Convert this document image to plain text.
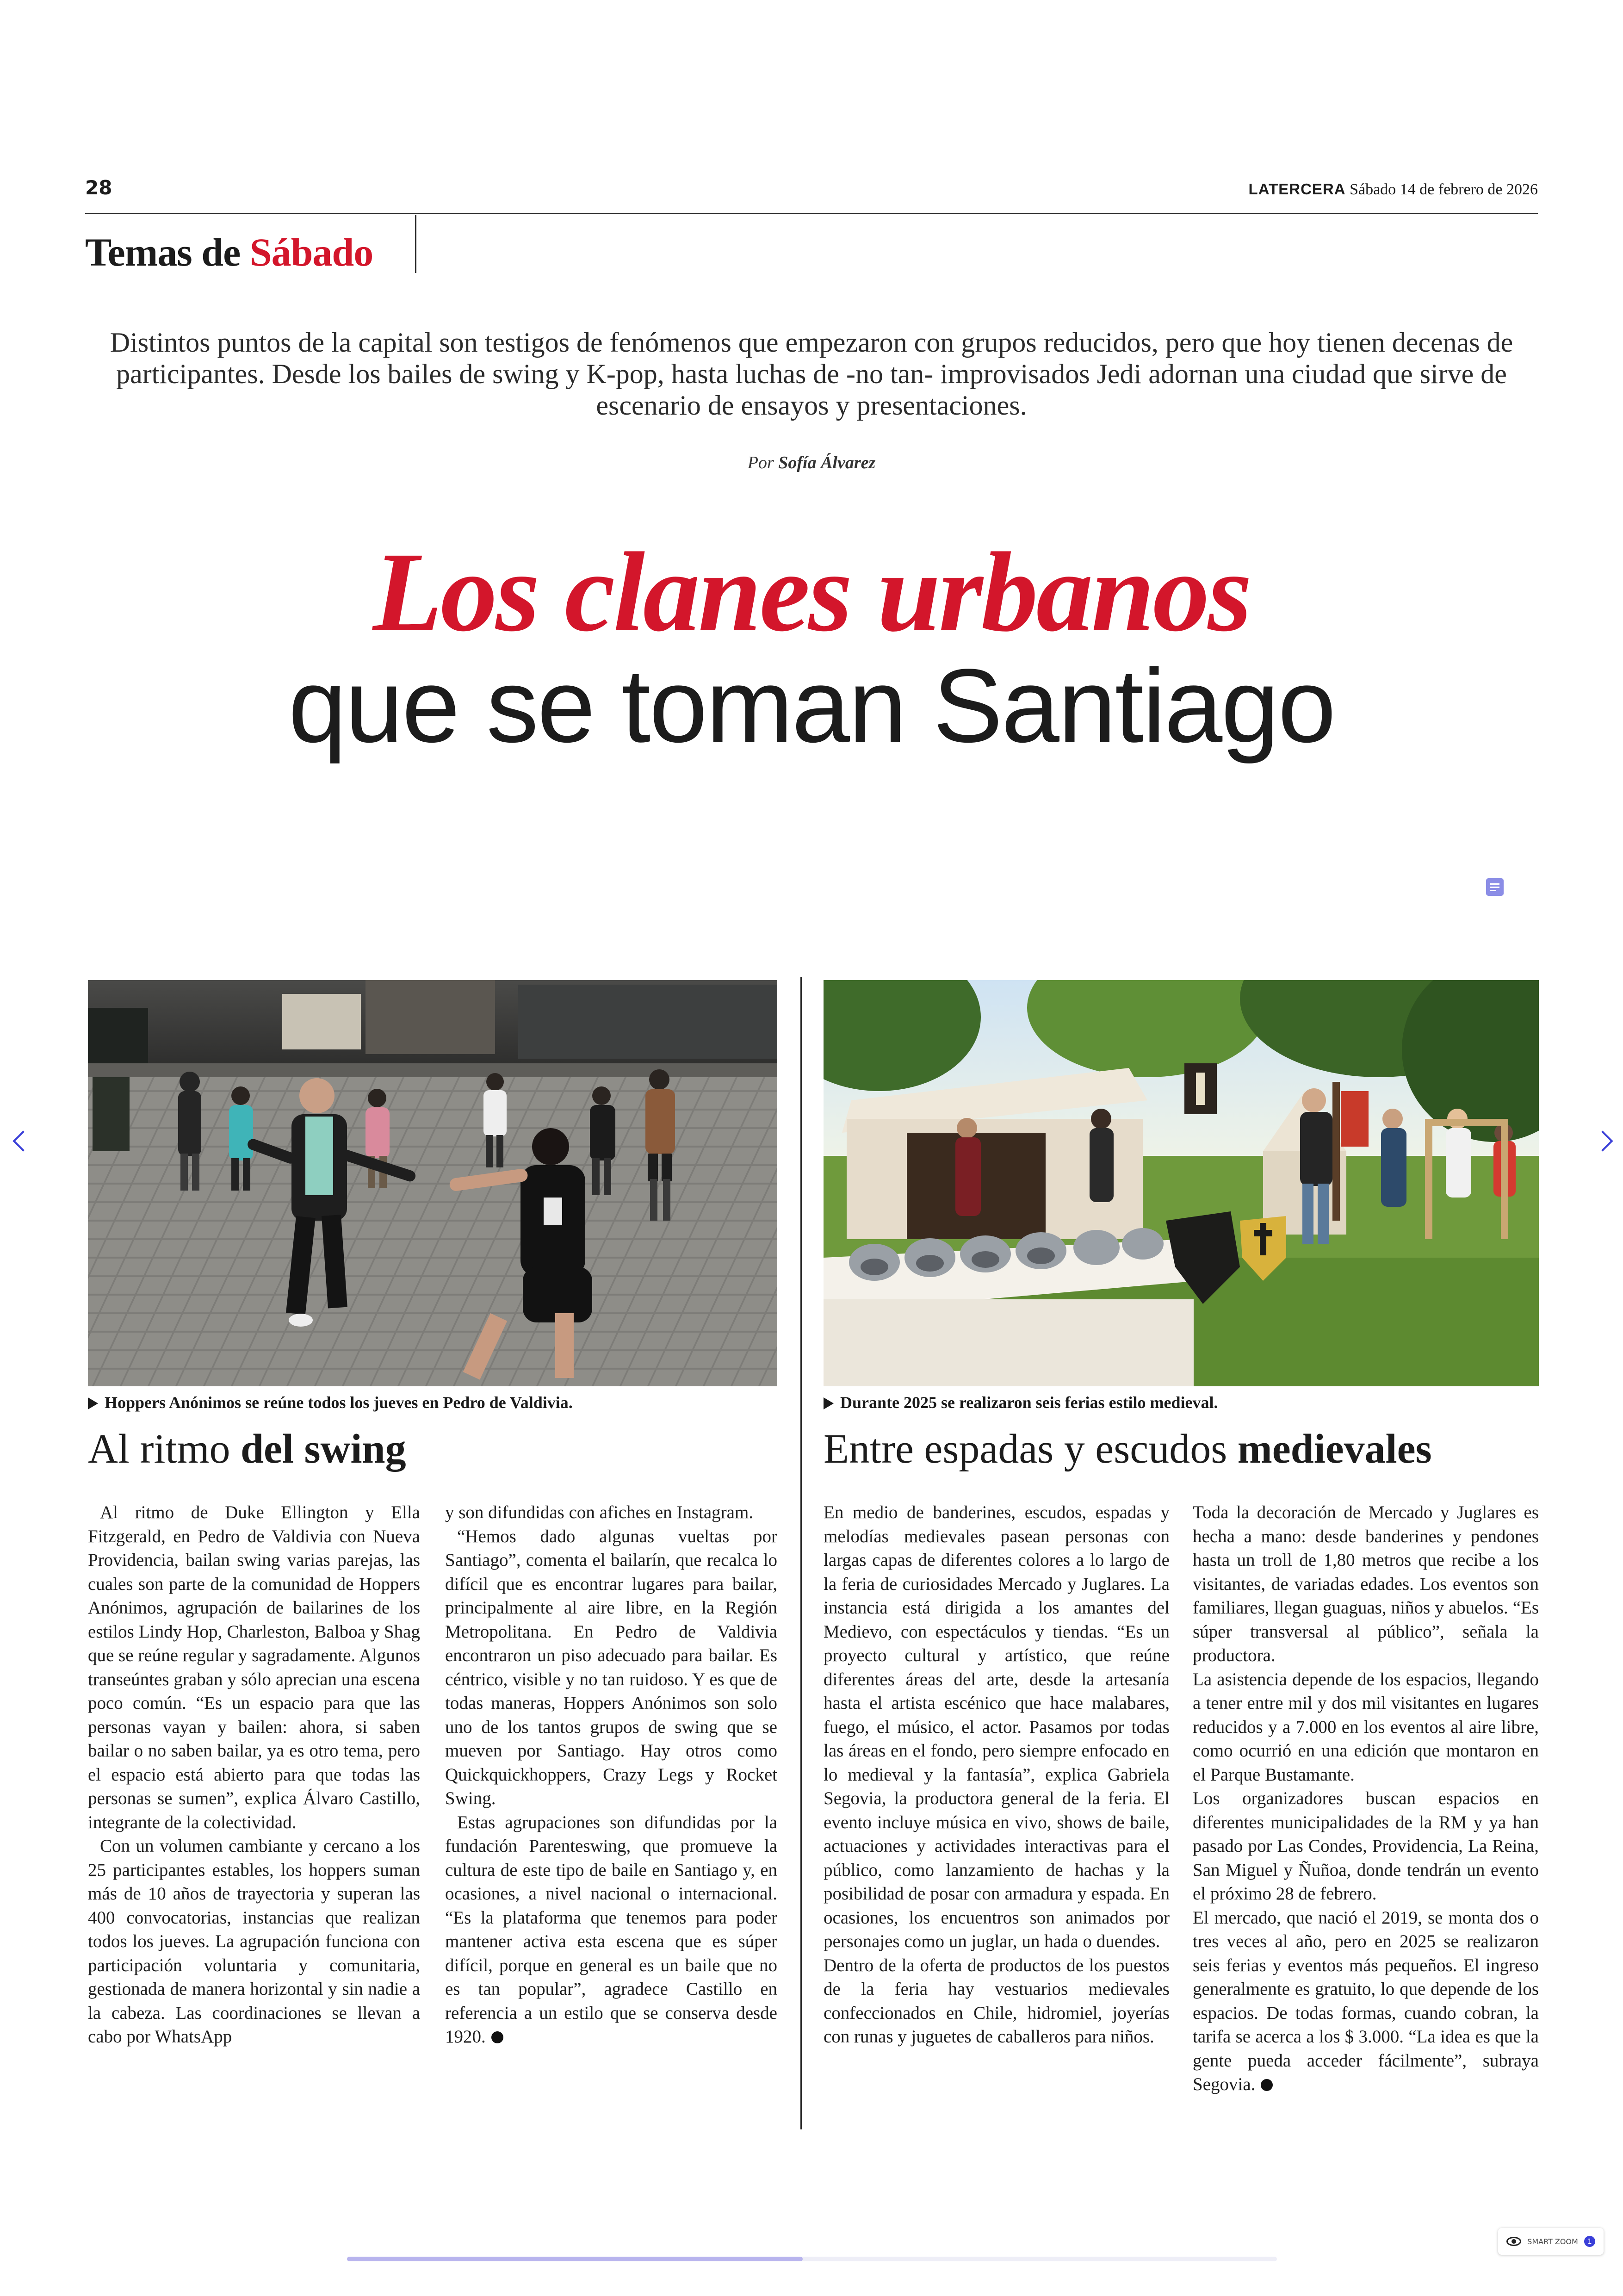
28	LATERCERA Sábado 14 de febrero de 2026
Temas de Sábado
Distintos puntos de la capital son testigos de fenómenos que empezaron con grupos reducidos, pero que hoy tienen decenas de participantes. Desde los bailes de swing y K-pop, hasta luchas de -no tan- improvisados Jedi adornan una ciudad que sirve de escenario de ensayos y presentaciones.
Por Sofía Álvarez
Los clanes urbanos
que se toman Santiago
Hoppers Anónimos se reúne todos los jueves en Pedro de Valdivia.	Durante 2025 se realizaron seis ferias estilo medieval.
Al ritmo del swing	Entre espadas y escudos medievales

Al ritmo de Duke Ellington y Ella Fitzgerald, en Pedro de Valdivia con Nueva Providencia, bailan swing varias parejas, las cuales son parte de la comunidad de Hoppers Anónimos, agrupación de bailarines de los estilos Lindy Hop, Charleston, Balboa y Shag que se reúne regular y sagradamente. Algunos transeúntes graban y sólo aprecian una escena poco común. “Es un espacio para que las personas vayan y bailen: ahora, si saben bailar o no saben bailar, ya es otro tema, pero el espacio está abierto para que todas las personas se sumen”, explica Álvaro Castillo, integrante de la colectividad.

Con un volumen cambiante y cercano a los 25 participantes estables, los hoppers suman más de 10 años de trayectoria y superan las 400 convocatorias, instancias que realizan todos los jueves. La agrupación funciona con participación voluntaria y comunitaria, gestionada de manera horizontal y sin nadie a la cabeza. Las coordinaciones se llevan a cabo por WhatsApp

y son difundidas con afiches en Instagram.

“Hemos dado algunas vueltas por Santiago”, comenta el bailarín, que recalca lo difícil que es encontrar lugares para bailar, principalmente al aire libre, en la Región Metropolitana. En Pedro de Valdivia encontraron un piso adecuado para bailar. Es céntrico, visible y no tan ruidoso. Y es que de todas maneras, Hoppers Anónimos son solo uno de los tantos grupos de swing que se mueven por Santiago. Hay otros como Quickquickhoppers, Crazy Legs y Rocket Swing.

Estas agrupaciones son difundidas por la fundación Parenteswing, que promueve la cultura de este tipo de baile en Santiago y, en ocasiones, a nivel nacional o internacional. “Es la plataforma que tenemos para poder mantener activa esta escena que es súper difícil, porque en general es un baile que no es tan popular”, agradece Castillo en referencia a un estilo que se conserva desde 1920.

En medio de banderines, escudos, espadas y melodías medievales pasean personas con largas capas de diferentes colores a lo largo de la feria de curiosidades Mercado y Juglares. La instancia está dirigida a los amantes del Medievo, con espectáculos y tiendas. “Es un proyecto cultural y artístico, que reúne diferentes áreas del arte, desde la artesanía hasta el artista escénico que hace malabares, fuego, el músico, el actor. Pasamos por todas las áreas en el fondo, pero siempre enfocado en lo medieval y la fantasía”, explica Gabriela Segovia, la productora general de la feria. El evento incluye música en vivo, shows de baile, actuaciones y actividades interactivas para el público, como lanzamiento de hachas y la posibilidad de posar con armadura y espada. En ocasiones, los encuentros son animados por personajes como un juglar, un hada o duendes.

Dentro de la oferta de productos de los puestos de la feria hay vestuarios medievales confeccionados en Chile, hidromiel, joyerías con runas y juguetes de caballeros para niños.

Toda la decoración de Mercado y Juglares es hecha a mano: desde banderines y pendones hasta un troll de 1,80 metros que recibe a los visitantes, de variadas edades. Los eventos son familiares, llegan guaguas, niños y abuelos. “Es súper transversal al público”, señala la productora.

La asistencia depende de los espacios, llegando a tener entre mil y dos mil visitantes en lugares reducidos y a 7.000 en los eventos al aire libre, como ocurrió en una edición que montaron en el Parque Bustamante.

Los organizadores buscan espacios en diferentes municipalidades de la RM y ya han pasado por Las Condes, Providencia, La Reina, San Miguel y Ñuñoa, donde tendrán un evento el próximo 28 de febrero.

El mercado, que nació el 2019, se monta dos o tres veces al año, pero en 2025 se realizaron seis ferias y eventos más pequeños. El ingreso generalmente es gratuito, lo que depende de los espacios. De todas formas, cuando cobran, la tarifa se acerca a los $ 3.000. “La idea es que la gente pueda acceder fácilmente”, subraya Segovia.

SMART ZOOM	1
